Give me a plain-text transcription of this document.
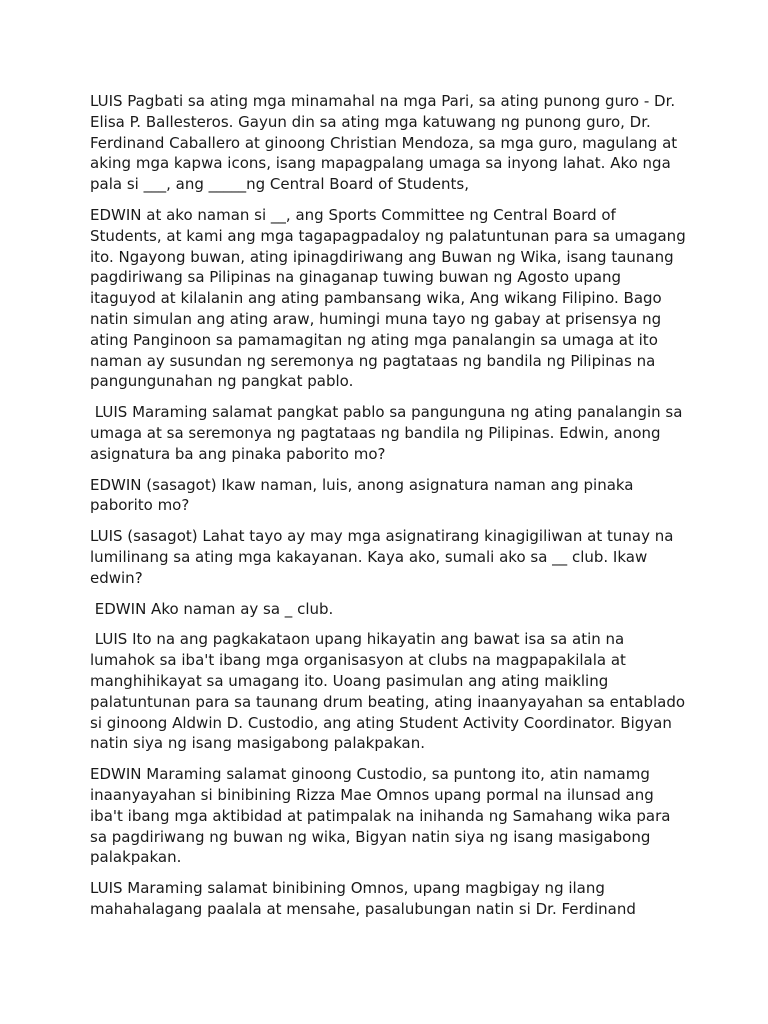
LUIS Pagbati sa ating mga minamahal na mga Pari, sa ating punong guro - Dr. Elisa P. Ballesteros. Gayun din sa ating mga katuwang ng punong guro, Dr. Ferdinand Caballero at ginoong Christian Mendoza, sa mga guro, magulang at aking mga kapwa icons, isang mapagpalang umaga sa inyong lahat. Ako nga pala si ___, ang _____ng Central Board of Students,

EDWIN at ako naman si __, ang Sports Committee ng Central Board of Students, at kami ang mga tagapagpadaloy ng palatuntunan para sa umagang ito. Ngayong buwan, ating ipinagdiriwang ang Buwan ng Wika, isang taunang pagdiriwang sa Pilipinas na ginaganap tuwing buwan ng Agosto upang itaguyod at kilalanin ang ating pambansang wika, Ang wikang Filipino. Bago natin simulan ang ating araw, humingi muna tayo ng gabay at prisensya ng ating Panginoon sa pamamagitan ng ating mga panalangin sa umaga at ito naman ay susundan ng seremonya ng pagtataas ng bandila ng Pilipinas na pangungunahan ng pangkat pablo.

LUIS Maraming salamat pangkat pablo sa pangunguna ng ating panalangin sa umaga at sa seremonya ng pagtataas ng bandila ng Pilipinas. Edwin, anong asignatura ba ang pinaka paborito mo?

EDWIN (sasagot) Ikaw naman, luis, anong asignatura naman ang pinaka paborito mo?

LUIS (sasagot) Lahat tayo ay may mga asignatirang kinagigiliwan at tunay na lumilinang sa ating mga kakayanan. Kaya ako, sumali ako sa __ club. Ikaw edwin?

EDWIN Ako naman ay sa _ club.

LUIS Ito na ang pagkakataon upang hikayatin ang bawat isa sa atin na lumahok sa iba't ibang mga organisasyon at clubs na magpapakilala at manghihikayat sa umagang ito. Uoang pasimulan ang ating maikling palatuntunan para sa taunang drum beating, ating inaanyayahan sa entablado si ginoong Aldwin D. Custodio, ang ating Student Activity Coordinator. Bigyan natin siya ng isang masigabong palakpakan.

EDWIN Maraming salamat ginoong Custodio, sa puntong ito, atin namamg inaanyayahan si binibining Rizza Mae Omnos upang pormal na ilunsad ang iba't ibang mga aktibidad at patimpalak na inihanda ng Samahang wika para sa pagdiriwang ng buwan ng wika, Bigyan natin siya ng isang masigabong palakpakan.

LUIS Maraming salamat binibining Omnos, upang magbigay ng ilang mahahalagang paalala at mensahe, pasalubungan natin si Dr. Ferdinand
